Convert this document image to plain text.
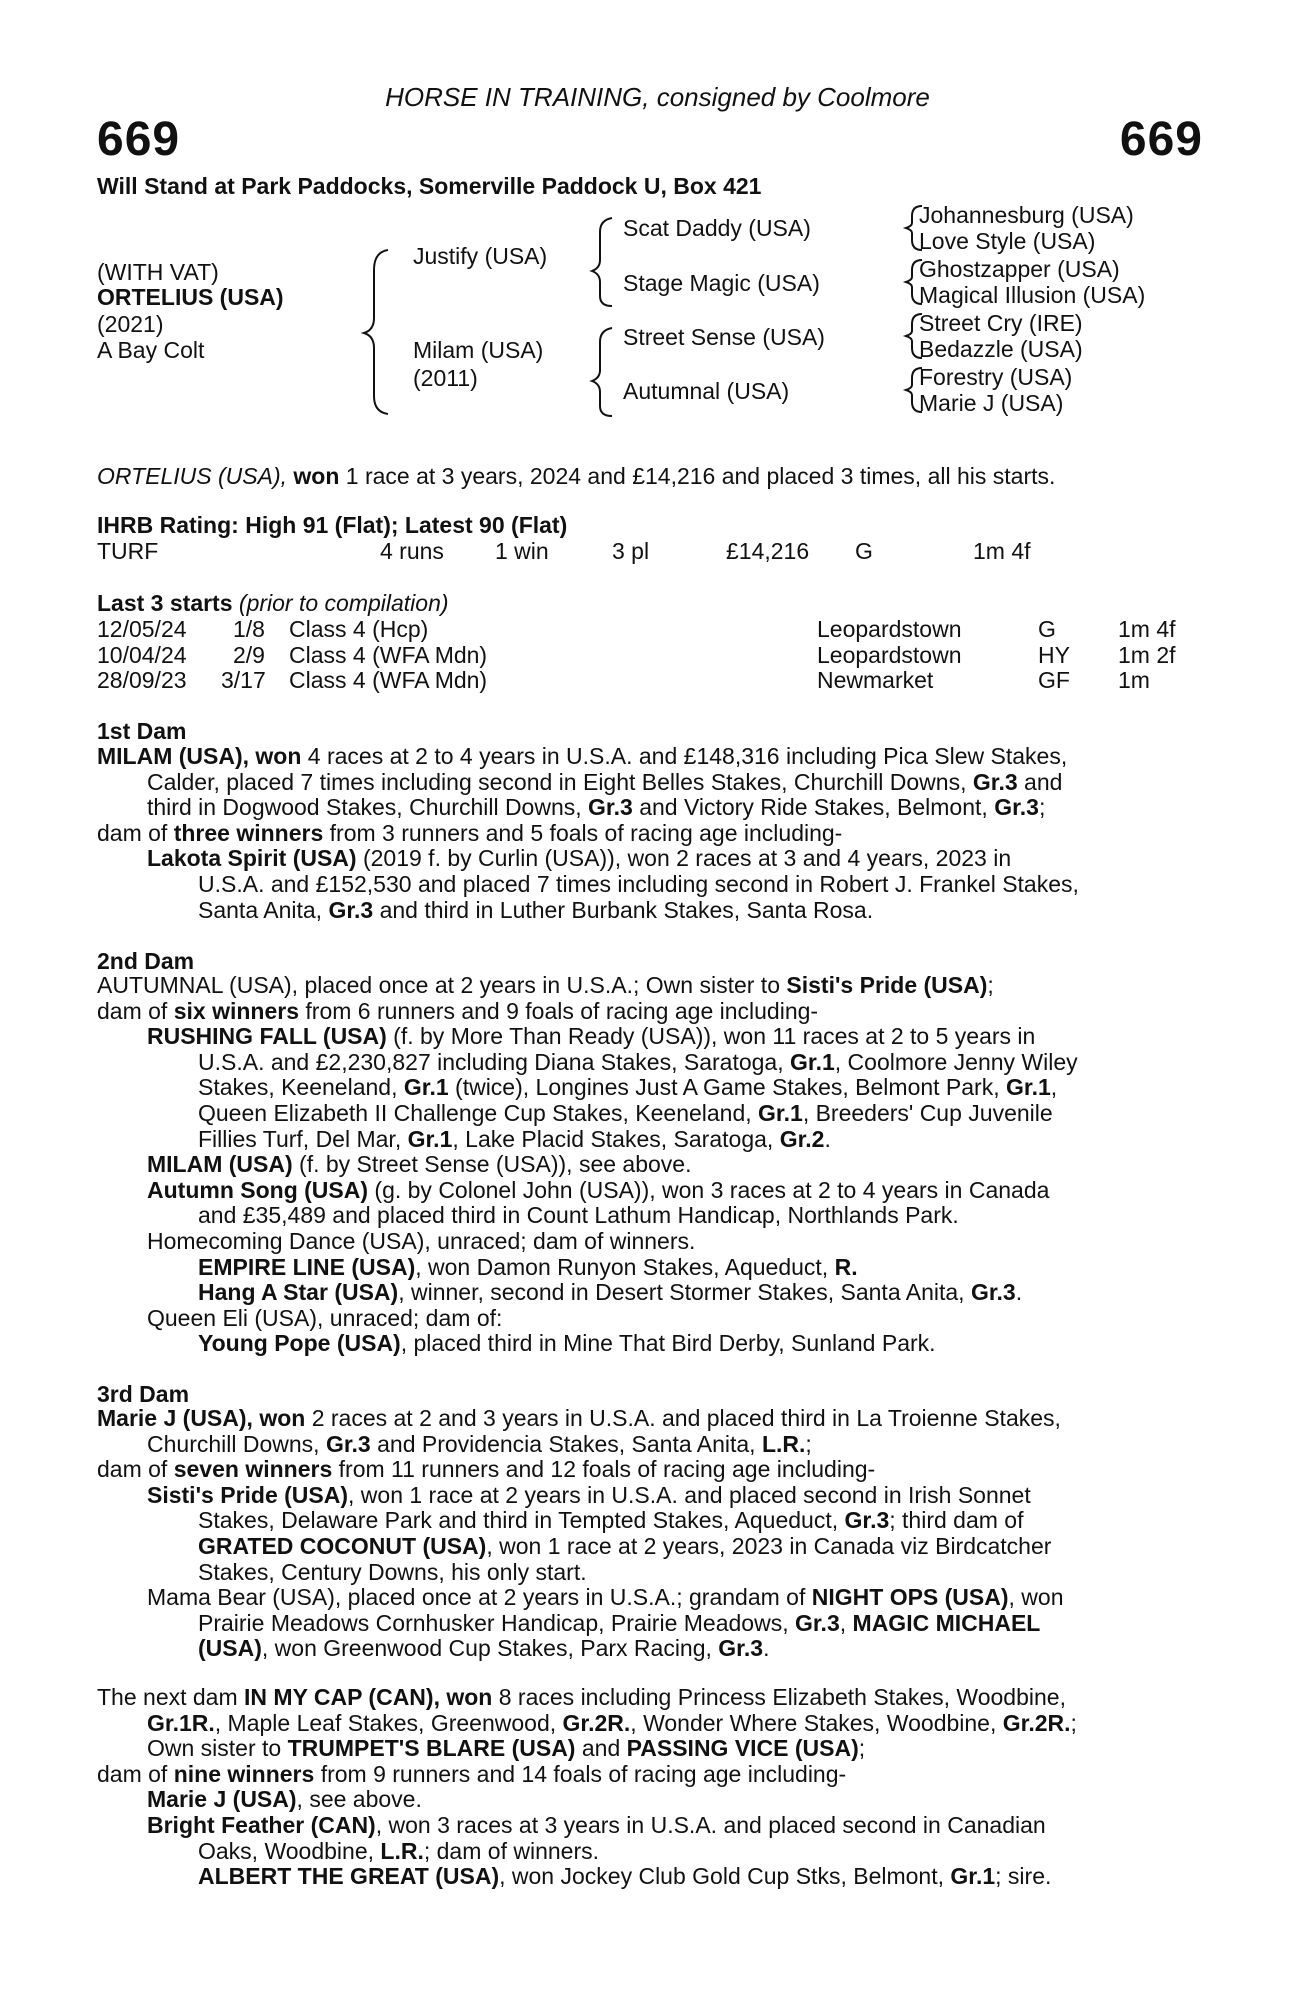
HORSE IN TRAINING, consigned by Coolmore
669	669
Will Stand at Park Paddocks, Somerville Paddock U, Box 421
(WITH VAT)
ORTELIUS (USA)
(2021)
A Bay Colt
Justify (USA)
Milam (USA)
(2011)
Scat Daddy (USA)
Stage Magic (USA)
Street Sense (USA)
Autumnal (USA)
Johannesburg (USA)
Love Style (USA)
Ghostzapper (USA)
Magical Illusion (USA)
Street Cry (IRE)
Bedazzle (USA)
Forestry (USA)
Marie J (USA)
ORTELIUS (USA), won 1 race at 3 years, 2024 and £14,216 and placed 3 times, all his starts.
IHRB Rating: High 91 (Flat); Latest 90 (Flat)
TURF	4 runs 1 win	3 pl	£14,216 G	1m 4f
Last 3 starts (prior to compilation)
12/05/24 1/8 Class 4 (Hcp)	Leopardstown	G	1m 4f
10/04/24 2/9 Class 4 (WFA Mdn)	Leopardstown	HY 1m 2f
28/09/23 3/17 Class 4 (WFA Mdn)	Newmarket	GF 1m
1st Dam
MILAM (USA), won 4 races at 2 to 4 years in U.S.A. and £148,316 including Pica Slew Stakes,
Calder, placed 7 times including second in Eight Belles Stakes, Churchill Downs, Gr.3 and
third in Dogwood Stakes, Churchill Downs, Gr.3 and Victory Ride Stakes, Belmont, Gr.3;
dam of three winners from 3 runners and 5 foals of racing age including-
Lakota Spirit (USA) (2019 f. by Curlin (USA)), won 2 races at 3 and 4 years, 2023 in
U.S.A. and £152,530 and placed 7 times including second in Robert J. Frankel Stakes,
Santa Anita, Gr.3 and third in Luther Burbank Stakes, Santa Rosa.
2nd Dam
AUTUMNAL (USA), placed once at 2 years in U.S.A.; Own sister to Sisti's Pride (USA);
dam of six winners from 6 runners and 9 foals of racing age including-
RUSHING FALL (USA) (f. by More Than Ready (USA)), won 11 races at 2 to 5 years in
U.S.A. and £2,230,827 including Diana Stakes, Saratoga, Gr.1, Coolmore Jenny Wiley
Stakes, Keeneland, Gr.1 (twice), Longines Just A Game Stakes, Belmont Park, Gr.1,
Queen Elizabeth II Challenge Cup Stakes, Keeneland, Gr.1, Breeders' Cup Juvenile
Fillies Turf, Del Mar, Gr.1, Lake Placid Stakes, Saratoga, Gr.2.
MILAM (USA) (f. by Street Sense (USA)), see above.
Autumn Song (USA) (g. by Colonel John (USA)), won 3 races at 2 to 4 years in Canada
and £35,489 and placed third in Count Lathum Handicap, Northlands Park.
Homecoming Dance (USA), unraced; dam of winners.
EMPIRE LINE (USA), won Damon Runyon Stakes, Aqueduct, R.
Hang A Star (USA), winner, second in Desert Stormer Stakes, Santa Anita, Gr.3.
Queen Eli (USA), unraced; dam of:
Young Pope (USA), placed third in Mine That Bird Derby, Sunland Park.
3rd Dam
Marie J (USA), won 2 races at 2 and 3 years in U.S.A. and placed third in La Troienne Stakes,
Churchill Downs, Gr.3 and Providencia Stakes, Santa Anita, L.R.;
dam of seven winners from 11 runners and 12 foals of racing age including-
Sisti's Pride (USA), won 1 race at 2 years in U.S.A. and placed second in Irish Sonnet
Stakes, Delaware Park and third in Tempted Stakes, Aqueduct, Gr.3; third dam of
GRATED COCONUT (USA), won 1 race at 2 years, 2023 in Canada viz Birdcatcher
Stakes, Century Downs, his only start.
Mama Bear (USA), placed once at 2 years in U.S.A.; grandam of NIGHT OPS (USA), won
Prairie Meadows Cornhusker Handicap, Prairie Meadows, Gr.3, MAGIC MICHAEL
(USA), won Greenwood Cup Stakes, Parx Racing, Gr.3.
The next dam IN MY CAP (CAN), won 8 races including Princess Elizabeth Stakes, Woodbine,
Gr.1R., Maple Leaf Stakes, Greenwood, Gr.2R., Wonder Where Stakes, Woodbine, Gr.2R.;
Own sister to TRUMPET'S BLARE (USA) and PASSING VICE (USA);
dam of nine winners from 9 runners and 14 foals of racing age including-
Marie J (USA), see above.
Bright Feather (CAN), won 3 races at 3 years in U.S.A. and placed second in Canadian
Oaks, Woodbine, L.R.; dam of winners.
ALBERT THE GREAT (USA), won Jockey Club Gold Cup Stks, Belmont, Gr.1; sire.
